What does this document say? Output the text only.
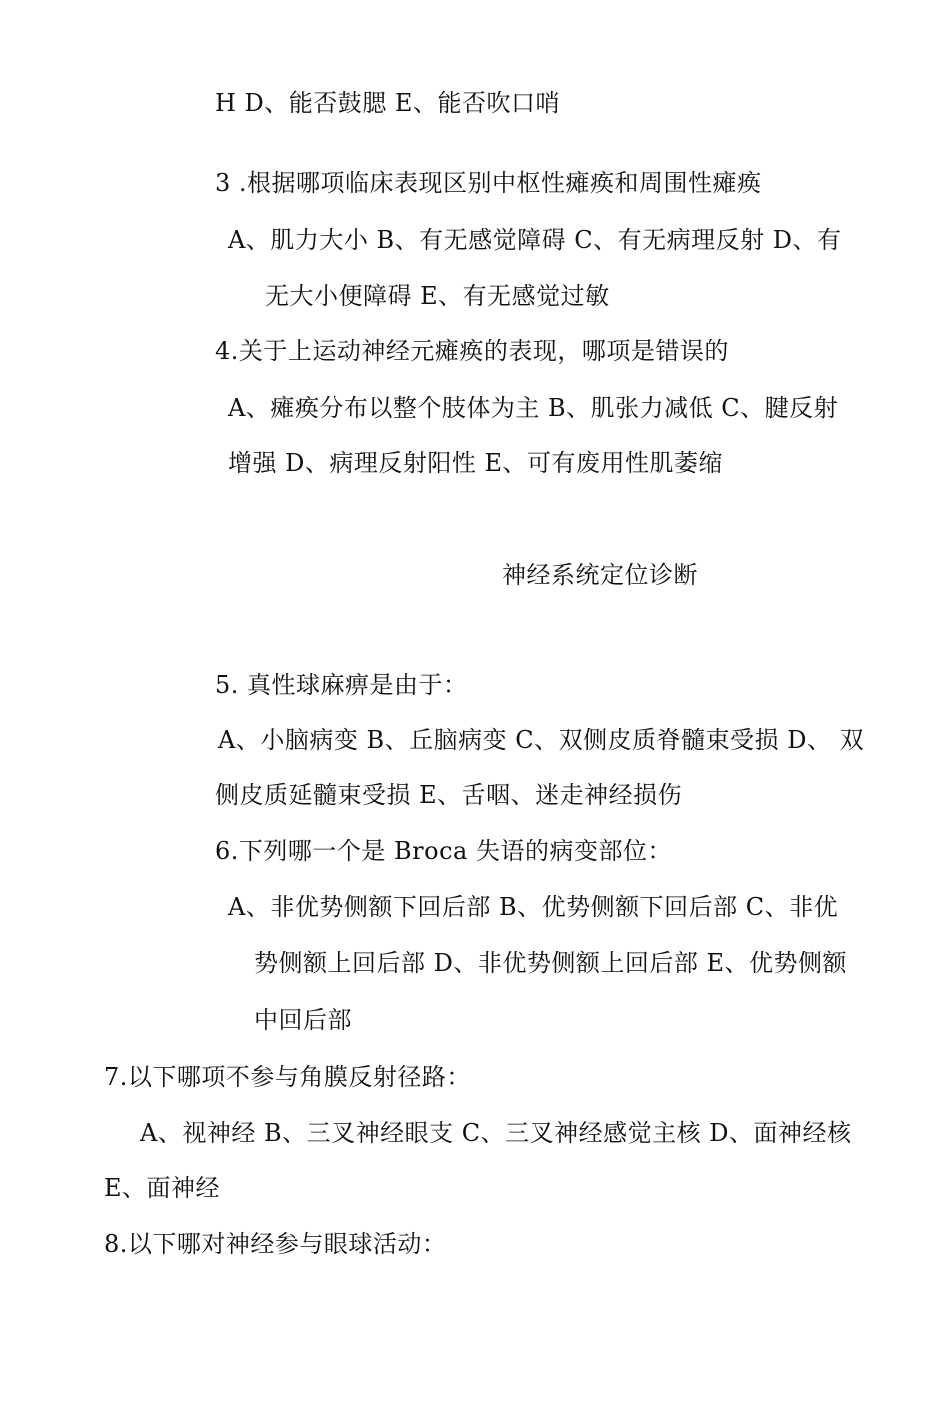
H D、能否鼓腮 E、能否吹口哨
3 .根据哪项临床表现区别中枢性瘫痪和周围性瘫痪
A、肌力大小 B、有无感觉障碍 C、有无病理反射 D、有
无大小便障碍 E、有无感觉过敏
4.关于上运动神经元瘫痪的表现，哪项是错误的
A、瘫痪分布以整个肢体为主 B、肌张力减低 C、腱反射
增强 D、病理反射阳性 E、可有废用性肌萎缩
神经系统定位诊断
5. 真性球麻痹是由于：
A、小脑病变 B、丘脑病变 C、双侧皮质脊髓束受损 D、 双
侧皮质延髓束受损 E、舌咽、迷走神经损伤
6.下列哪一个是 Broca 失语的病变部位：
A、非优势侧额下回后部 B、优势侧额下回后部 C、非优
势侧额上回后部 D、非优势侧额上回后部 E、优势侧额
中回后部
7.以下哪项不参与角膜反射径路：
A、视神经 B、三叉神经眼支 C、三叉神经感觉主核 D、面神经核
E、面神经
8.以下哪对神经参与眼球活动：
